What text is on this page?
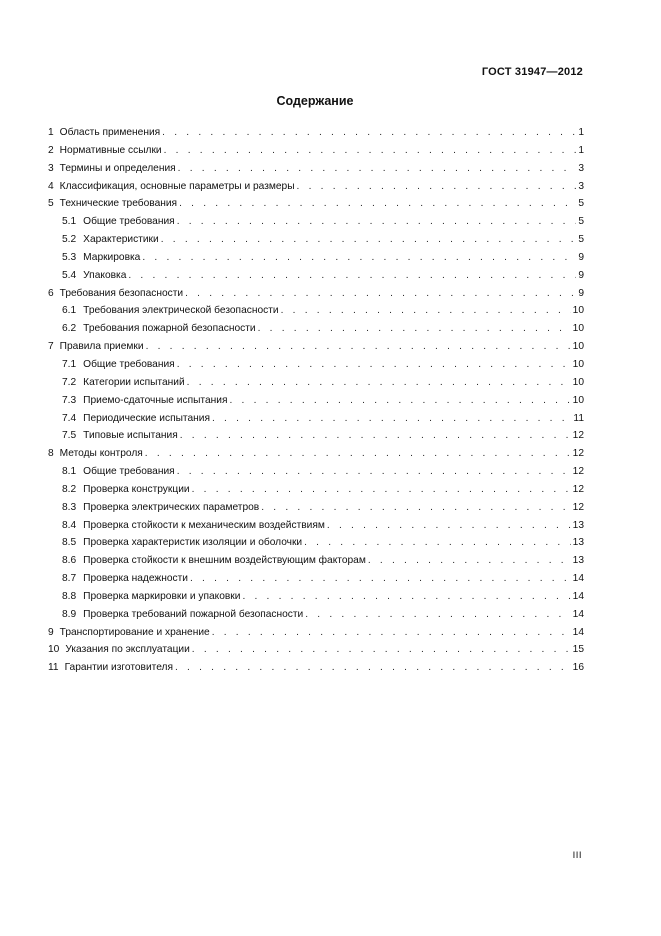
ГОСТ 31947—2012
Содержание
1 Область применения . . .	1
2 Нормативные ссылки . . .	1
3 Термины и определения . . .	3
4 Классификация, основные параметры и размеры . . .	3
5 Технические требования . . .	5
5.1 Общие требования . . .	5
5.2 Характеристики . . .	5
5.3 Маркировка . . .	9
5.4 Упаковка . . .	9
6 Требования безопасности . . .	9
6.1 Требования электрической безопасности . . .	10
6.2 Требования пожарной безопасности . . .	10
7 Правила приемки . . .	10
7.1 Общие требования . . .	10
7.2 Категории испытаний . . .	10
7.3 Приемо-сдаточные испытания . . .	10
7.4 Периодические испытания . . .	11
7.5 Типовые испытания . . .	12
8 Методы контроля . . .	12
8.1 Общие требования . . .	12
8.2 Проверка конструкции . . .	12
8.3 Проверка электрических параметров . . .	12
8.4 Проверка стойкости к механическим воздействиям . . .	13
8.5 Проверка характеристик изоляции и оболочки . . .	13
8.6 Проверка стойкости к внешним воздействующим факторам . . .	13
8.7 Проверка надежности . . .	14
8.8 Проверка маркировки и упаковки . . .	14
8.9 Проверка требований пожарной безопасности . . .	14
9 Транспортирование и хранение . . .	14
10 Указания по эксплуатации . . .	15
11 Гарантии изготовителя . . .	16
III
